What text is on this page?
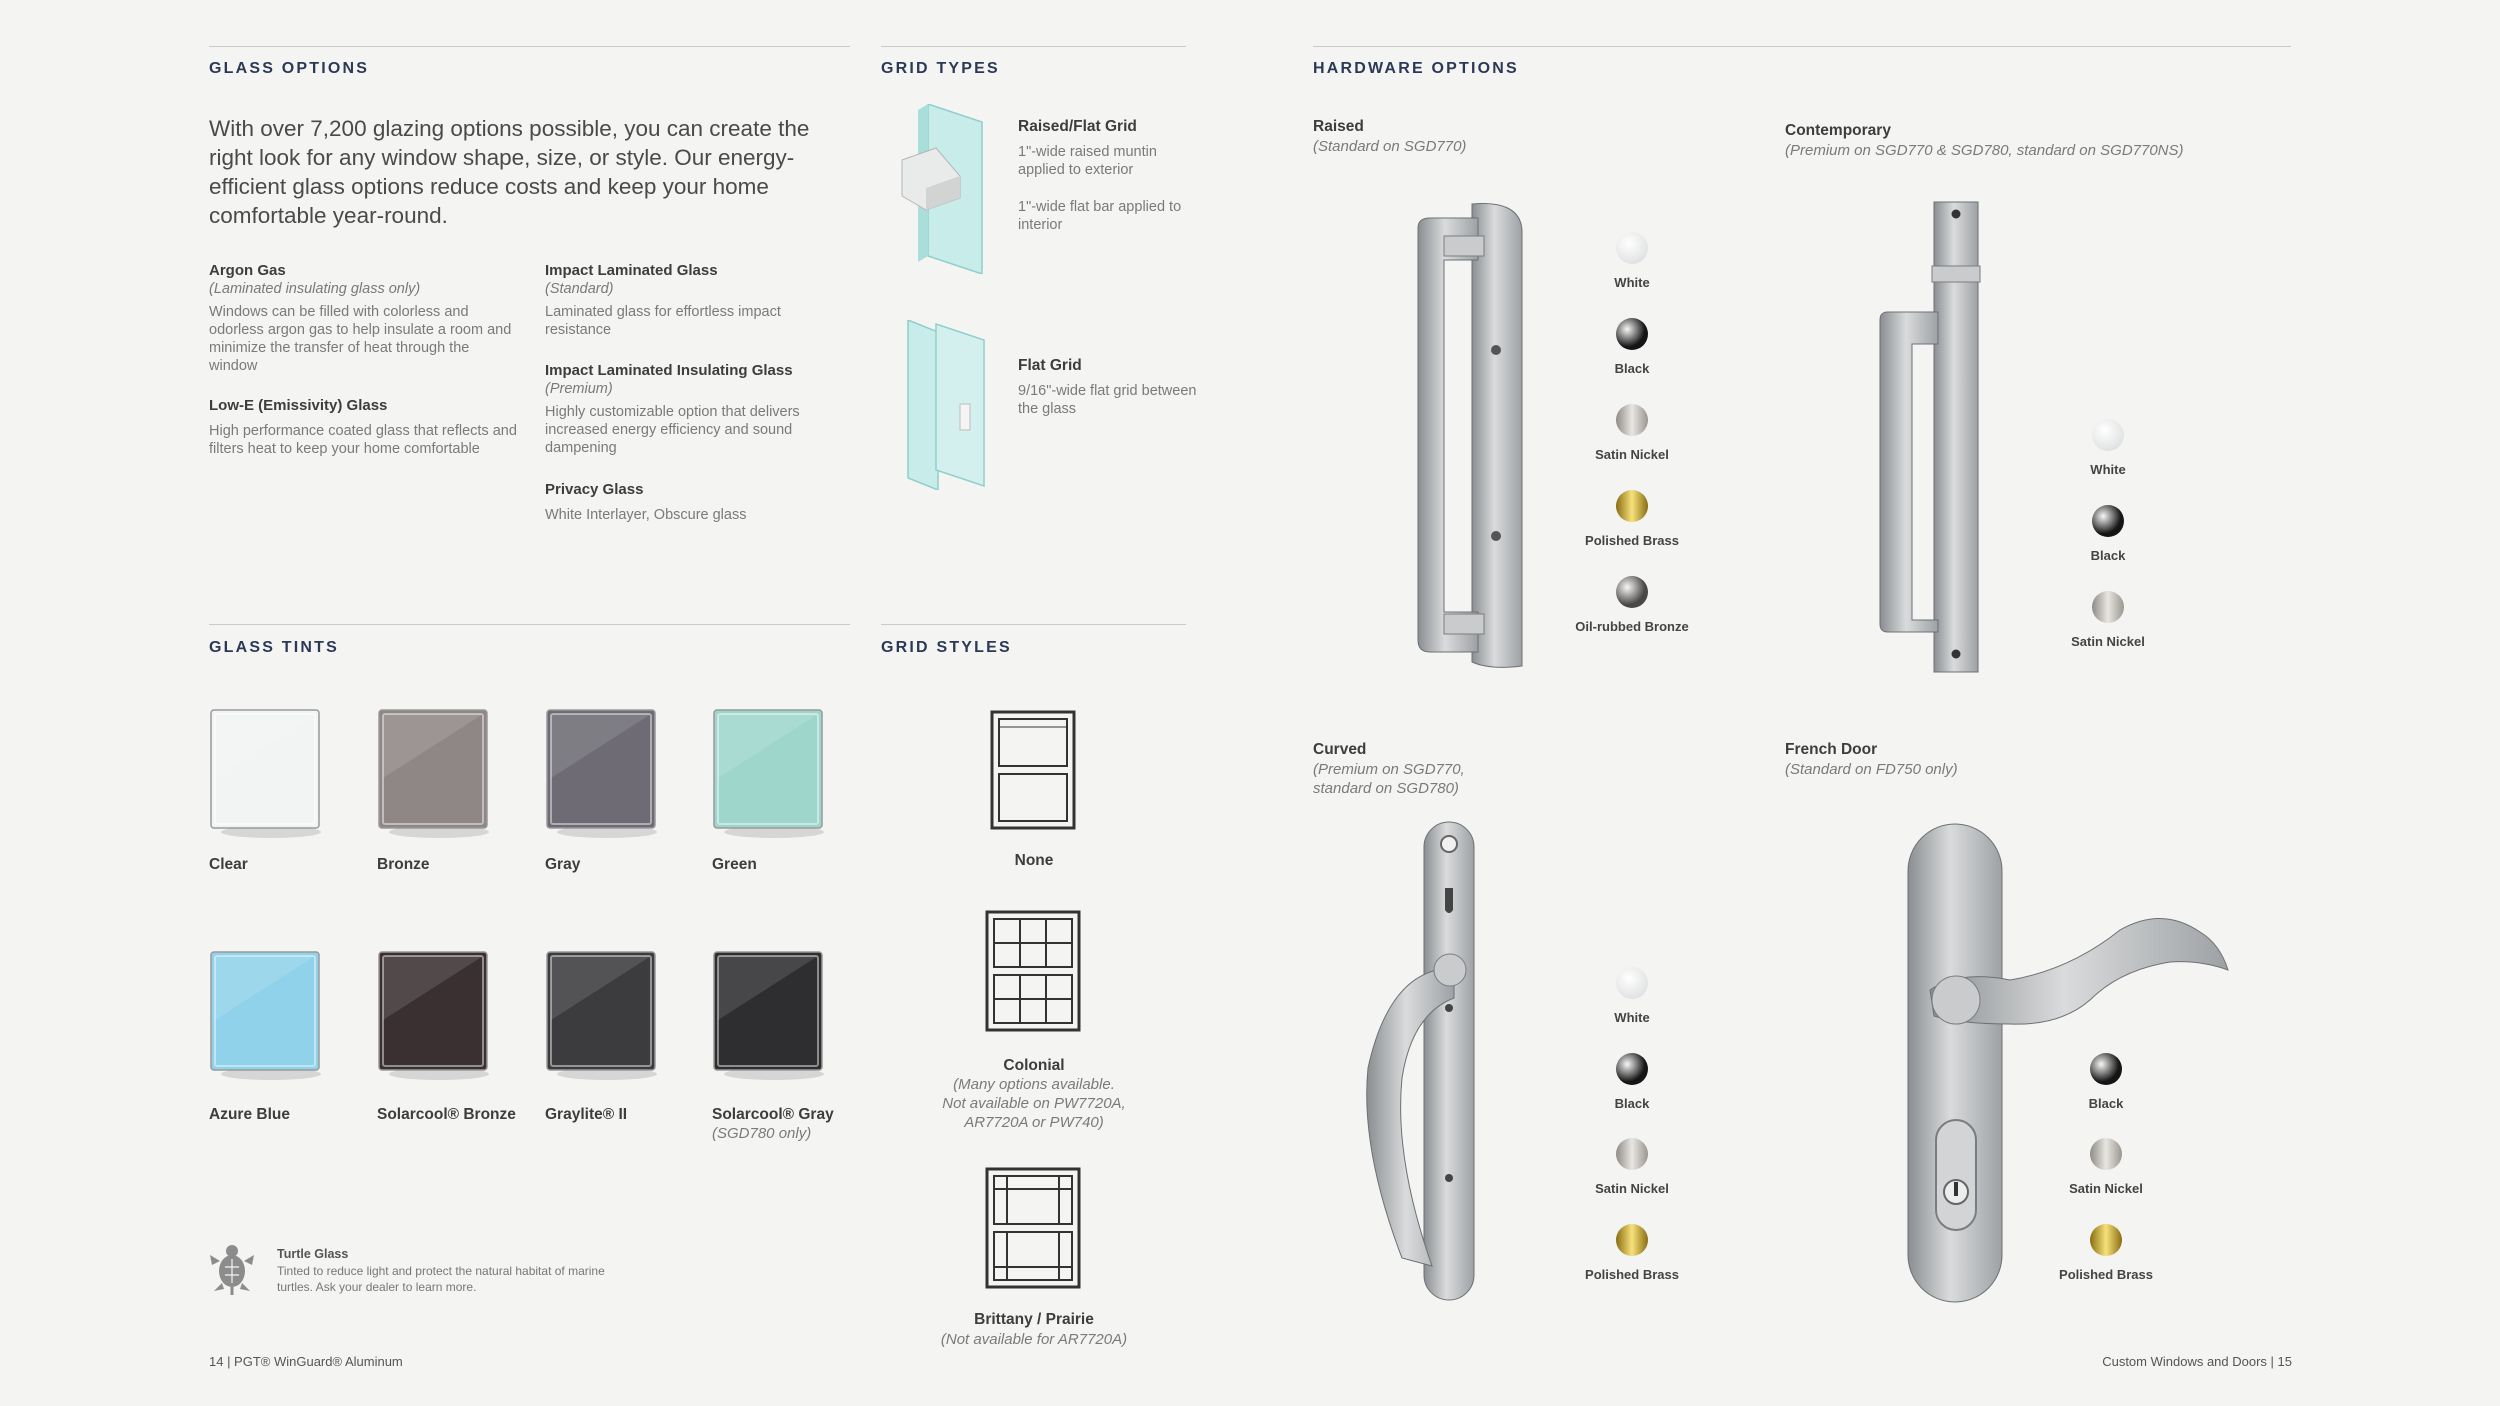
GLASS OPTIONS
With over 7,200 glazing options possible, you can create the right look for any window shape, size, or style. Our energy-efficient glass options reduce costs and keep your home comfortable year-round.
Argon Gas
(Laminated insulating glass only)
Windows can be filled with colorless and odorless argon gas to help insulate a room and minimize the transfer of heat through the window
Low-E (Emissivity) Glass
High performance coated glass that reflects and filters heat to keep your home comfortable
Impact Laminated Glass
(Standard)
Laminated glass for effortless impact resistance
Impact Laminated Insulating Glass
(Premium)
Highly customizable option that delivers increased energy efficiency and sound dampening
Privacy Glass
White Interlayer, Obscure glass
GRID TYPES
Raised/Flat Grid
1"-wide raised muntin applied to exterior
1"-wide flat bar applied to interior
Flat Grid
9/16"-wide flat grid between the glass
GLASS TINTS
Clear	Bronze	Gray	Green
Azure Blue	Solarcool® Bronze Graylite® II	Solarcool® Gray
(SGD780 only)
Turtle Glass
Tinted to reduce light and protect the natural habitat of marine turtles. Ask your dealer to learn more.
GRID STYLES
None
Colonial
(Many options available.
Not available on PW7720A,
AR7720A or PW740)
Brittany / Prairie
(Not available for AR7720A)
HARDWARE OPTIONS
Raised
(Standard on SGD770)
White
Black
Satin Nickel
Polished Brass
Oil-rubbed Bronze
Contemporary
(Premium on SGD770 & SGD780, standard on SGD770NS)
White
Black
Satin Nickel
Curved
(Premium on SGD770,
standard on SGD780)
White
Black
Satin Nickel
Polished Brass
French Door
(Standard on FD750 only)
Black
Satin Nickel
Polished Brass
14 | PGT® WinGuard® Aluminum	Custom Windows and Doors | 15
